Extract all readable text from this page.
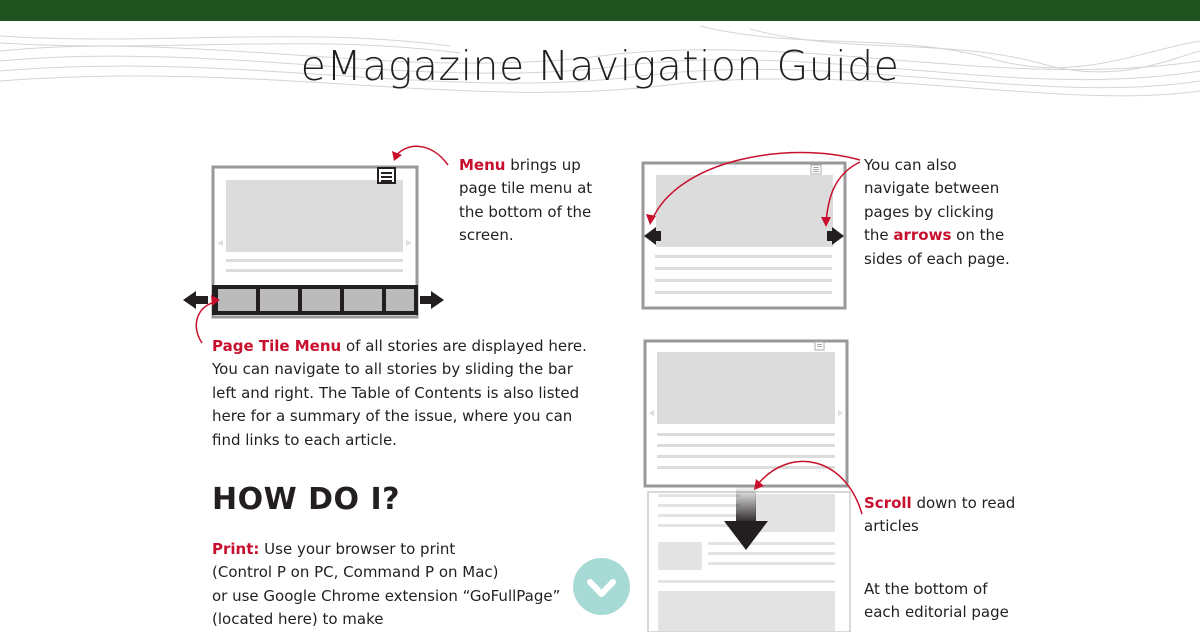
eMagazine Navigation Guide
Menu brings up page tile menu at the bottom of the screen.
You can also navigate between pages by clicking the arrows on the sides of each page.
Page Tile Menu of all stories are displayed here. You can navigate to all stories by sliding the bar left and right. The Table of Contents is also listed here for a summary of the issue, where you can find links to each article.
HOW DO I?
Print: Use your browser to print
(Control P on PC, Command P on Mac)
or use Google Chrome extension “GoFullPage”
(located here) to make
Scroll down to read articles
At the bottom of each editorial page
